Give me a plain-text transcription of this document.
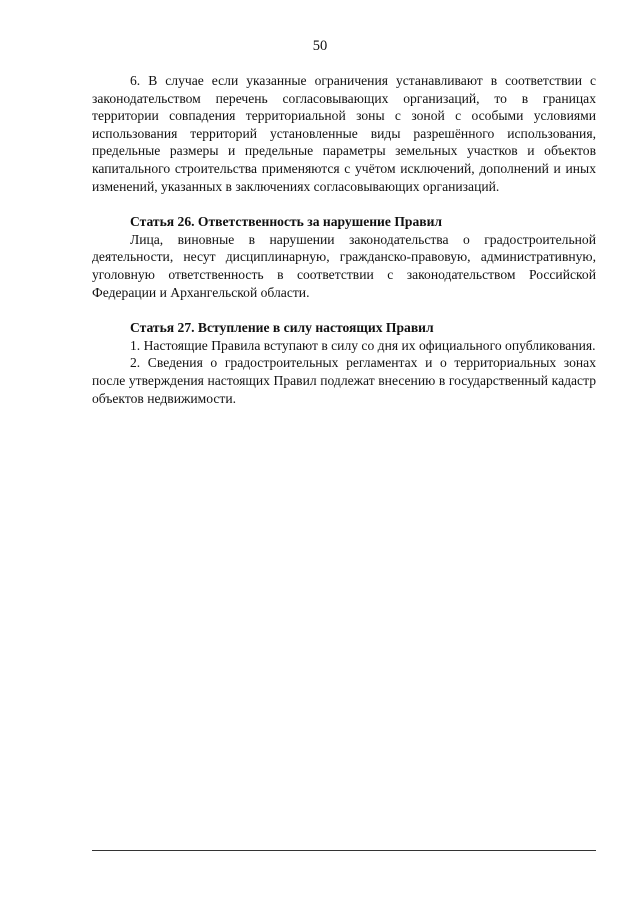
50

6. В случае если указанные ограничения устанавливают в соответствии с законодательством перечень согласовывающих организаций, то в границах территории совпадения территориальной зоны с зоной с особыми условиями использования территорий установленные виды разрешённого использования, предельные размеры и предельные параметры земельных участков и объектов капитального строительства применяются с учётом исключений, дополнений и иных изменений, указанных в заключениях согласовывающих организаций.

Статья 26. Ответственность за нарушение Правил

Лица, виновные в нарушении законодательства о градостроительной деятельности, несут дисциплинарную, гражданско-правовую, административную, уголовную ответственность в соответствии с законодательством Российской Федерации и Архангельской области.

Статья 27. Вступление в силу настоящих Правил

1. Настоящие Правила вступают в силу со дня их официального опубликования.

2. Сведения о градостроительных регламентах и о территориальных зонах после утверждения настоящих Правил подлежат внесению в государственный кадастр объектов недвижимости.
